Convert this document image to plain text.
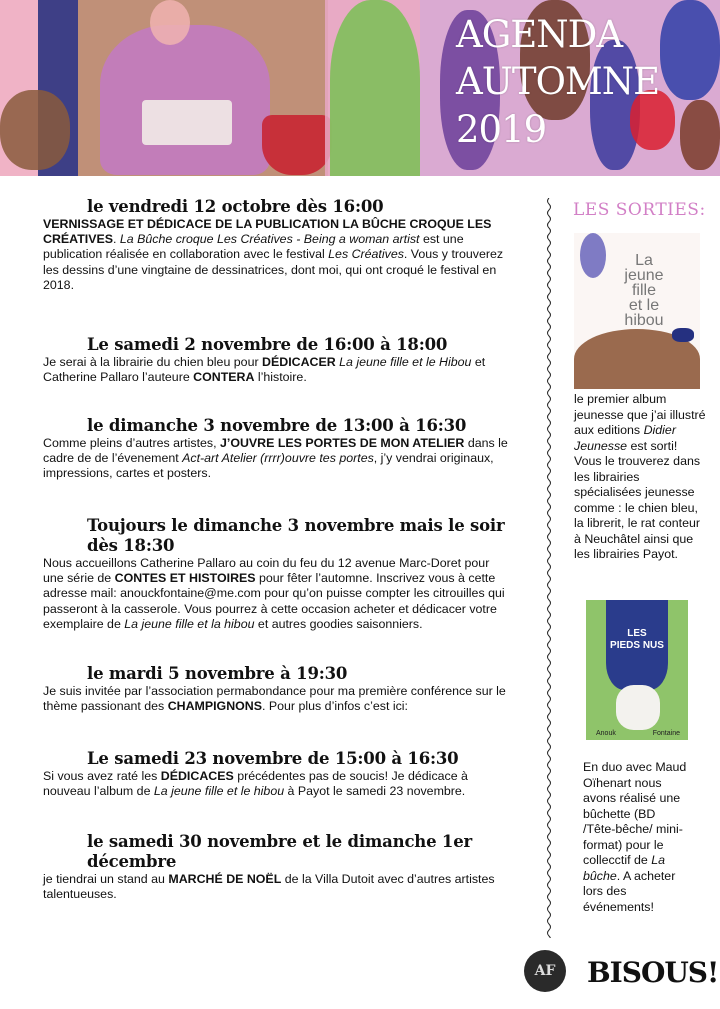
AGENDA
AUTOMNE
2019
le vendredi 12 octobre dès 16:00
VERNISSAGE ET DÉDICACE DE LA PUBLICATION LA BÛCHE CROQUE LES CRÉATIVES. La Bûche croque Les Créatives - Being a woman artist est une publication réalisée en collaboration avec le festival Les Créatives. Vous y trouverez les dessins d’une vingtaine de dessinatrices, dont moi, qui ont croqué le festival en 2018.
Le samedi 2 novembre de 16:00 à 18:00
Je serai à la librairie du chien bleu pour DÉDICACER La jeune fille et le Hibou et Catherine Pallaro l’auteure CONTERA l’histoire.
le dimanche 3 novembre de 13:00 à 16:30
Comme pleins d’autres artistes, J’OUVRE LES PORTES DE MON ATELIER dans le cadre de de l’évenement Act-art Atelier (rrrr)ouvre tes portes, j’y vendrai originaux, impressions, cartes et posters.
Toujours le dimanche 3 novembre mais le soir
dès 18:30
Nous accueillons Catherine Pallaro au coin du feu du 12 avenue Marc-Doret pour une série de CONTES ET HISTOIRES pour fêter l’automne. Inscrivez vous à cette adresse mail: anouckfontaine@me.com pour qu’on puisse compter les citrouilles qui passeront à la casserole. Vous pourrez à cette occasion acheter et dédicacer votre exemplaire de La jeune fille et la hibou et autres goodies saisonniers.
le mardi 5 novembre à 19:30
Je suis invitée par l’association permabondance pour ma première conférence sur le thème passionant des CHAMPIGNONS. Pour plus d’infos c’est ici:
Le samedi 23 novembre de 15:00 à 16:30
Si vous avez raté les DÉDICACES précédentes pas de soucis! Je dédicace à nouveau l’album de La jeune fille et le hibou à Payot le samedi 23 novembre.
le samedi 30 novembre et le dimanche 1er
décembre
je tiendrai un stand au MARCHÉ DE NOËL de la Villa Dutoit avec d’autres artistes talentueuses.
LES SORTIES:
La
jeune
fille
et le
hibou
le premier album jeunesse que j’ai illustré aux editions Didier Jeunesse est sorti! Vous le trouverez dans les librairies spécialisées jeunesse comme : le chien bleu, la librerit, le rat conteur à Neuchâtel ainsi que les librairies Payot.
LES
PIEDS NUS
Anouk	Fontaine
En duo avec Maud Oïhenart nous avons réalisé une bûchette (BD /Tête-bêche/ mini-format) pour le collecctif de La bûche. A acheter lors des événements!
AF BISOUS!
